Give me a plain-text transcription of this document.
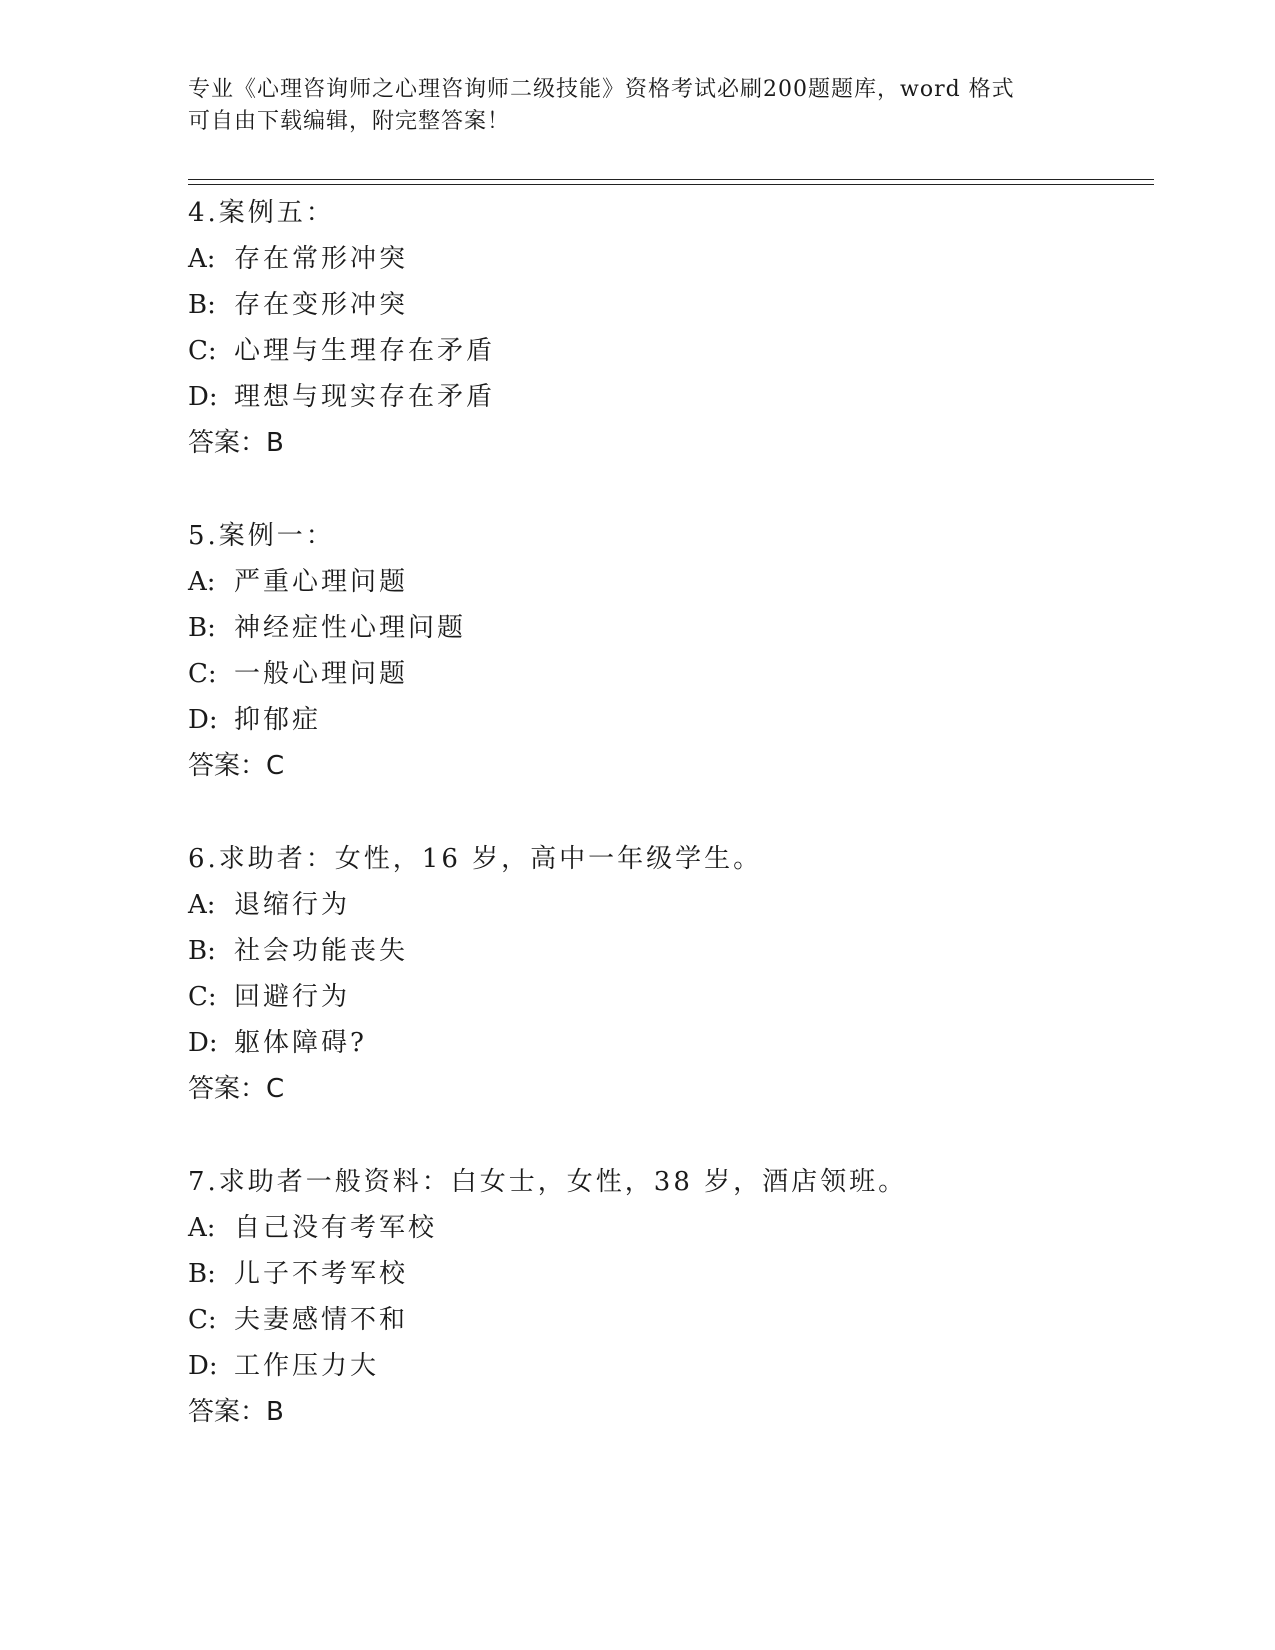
专业《心理咨询师之心理咨询师二级技能》资格考试必刷200题题库，word 格式
可自由下载编辑，附完整答案！
4.案例五：
A: 存在常形冲突
B: 存在变形冲突
C: 心理与生理存在矛盾
D: 理想与现实存在矛盾
答案：B
5.案例一：
A: 严重心理问题
B: 神经症性心理问题
C: 一般心理问题
D: 抑郁症
答案：C
6.求助者：女性，16 岁，高中一年级学生。
A: 退缩行为
B: 社会功能丧失
C: 回避行为
D: 躯体障碍?
答案：C
7.求助者一般资料：白女士，女性，38 岁，酒店领班。
A: 自己没有考军校
B: 儿子不考军校
C: 夫妻感情不和
D: 工作压力大
答案：B
